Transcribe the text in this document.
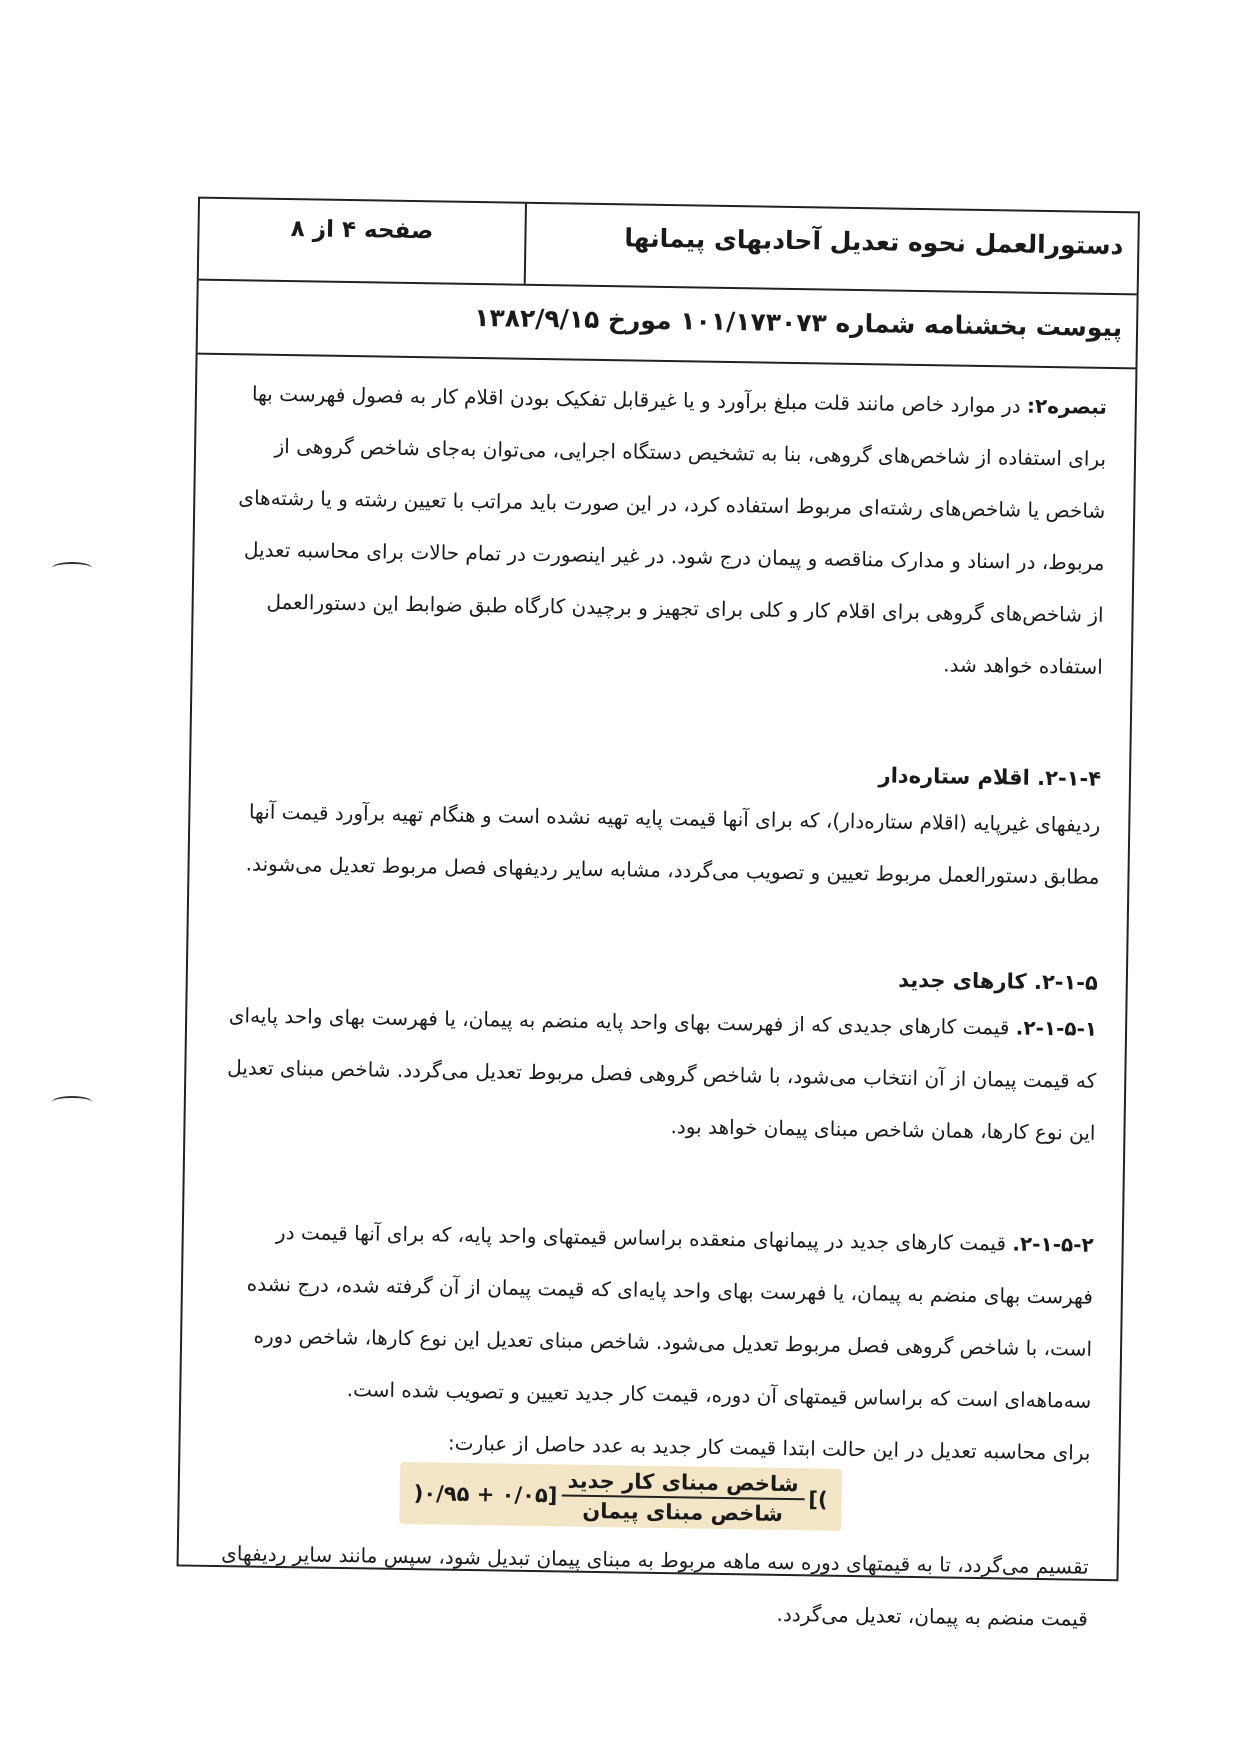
دستورالعمل نحوه تعدیل آحادبهای پیمانها
صفحه ۴ از ۸
پیوست بخشنامه شماره ۱۰۱/۱۷۳۰۷۳ مورخ ۱۳۸۲/۹/۱۵

تبصره۲: در موارد خاص مانند قلت مبلغ برآورد و یا غیرقابل تفکیک بودن اقلام کار به فصول فهرست بها برای استفاده از شاخص‌های گروهی، بنا به تشخیص دستگاه اجرایی، می‌توان به‌جای شاخص گروهی از شاخص یا شاخص‌های رشته‌ای مربوط استفاده کرد، در این صورت باید مراتب با تعیین رشته و یا رشته‌های مربوط، در اسناد و مدارک مناقصه و پیمان درج شود. در غیر اینصورت در تمام حالات برای محاسبه تعدیل از شاخص‌های گروهی برای اقلام کار و کلی برای تجهیز و برچیدن کارگاه طبق ضوابط این دستورالعمل استفاده خواهد شد.

۲-۱-۴. اقلام ستاره‌دار

ردیفهای غیرپایه (اقلام ستاره‌دار)، که برای آنها قیمت پایه تهیه نشده است و هنگام تهیه برآورد قیمت آنها مطابق دستورالعمل مربوط تعیین و تصویب می‌گردد، مشابه سایر ردیفهای فصل مربوط تعدیل می‌شوند.

۲-۱-۵. کارهای جدید

۲-۱-۵-۱. قیمت کارهای جدیدی که از فهرست بهای واحد پایه منضم به پیمان، یا فهرست بهای واحد پایه‌ای که قیمت پیمان از آن انتخاب می‌شود، با شاخص گروهی فصل مربوط تعدیل می‌گردد. شاخص مبنای تعدیل این نوع کارها، همان شاخص مبنای پیمان خواهد بود.

۲-۱-۵-۲. قیمت کارهای جدید در پیمانهای منعقده براساس قیمتهای واحد پایه، که برای آنها قیمت در فهرست بهای منضم به پیمان، یا فهرست بهای واحد پایه‌ای که قیمت پیمان از آن گرفته شده، درج نشده است، با شاخص گروهی فصل مربوط تعدیل می‌شود. شاخص مبنای تعدیل این نوع کارها، شاخص دوره سه‌ماهه‌ای است که براساس قیمتهای آن دوره، قیمت کار جدید تعیین و تصویب شده است.

برای محاسبه تعدیل در این حالت ابتدا قیمت کار جدید به عدد حاصل از عبارت:

)۰/۹۵ + ۰/۰۵] $\frac{\text{شاخص مبنای کار جدید}}{\text{شاخص مبنای پیمان}}$ [(

تقسیم می‌گردد، تا به قیمتهای دوره سه ماهه مربوط به مبنای پیمان تبدیل شود، سپس مانند سایر ردیفهای قیمت منضم به پیمان، تعدیل می‌گردد.
